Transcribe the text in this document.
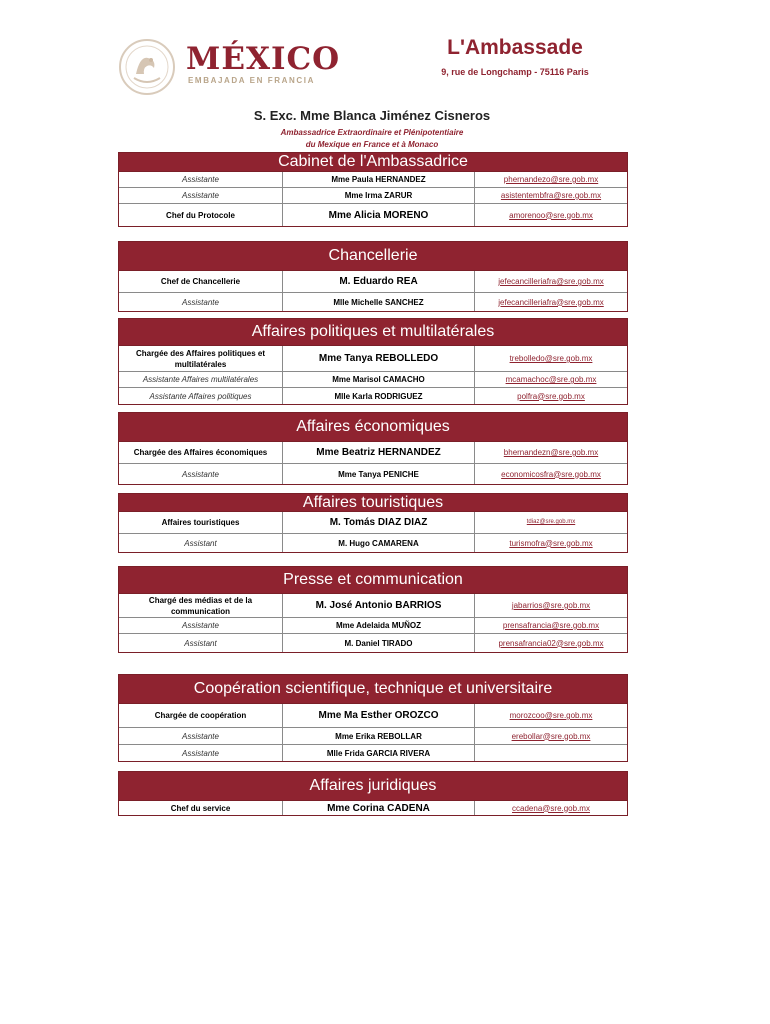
MÉXICO
EMBAJADA EN FRANCIA
L'Ambassade
9, rue de Longchamp - 75116 Paris
S. Exc. Mme Blanca Jiménez Cisneros
Ambassadrice Extraordinaire et Plénipotentiaire
du Mexique en France et à Monaco
Cabinet de l'Ambassadrice
Assistante	Mme Paula HERNANDEZ	phernandezo@sre.gob.mx
Assistante	Mme Irma ZARUR	asistentembfra@sre.gob.mx
Chef du Protocole	Mme Alicia MORENO	amorenoo@sre.gob.mx
Chancellerie
Chef de Chancellerie	M. Eduardo REA	jefecancilleriafra@sre.gob.mx
Assistante	Mlle Michelle SANCHEZ	jefecancilleriafra@sre.gob.mx
Affaires politiques et multilatérales
Chargée des Affaires politiques et multilatérales	Mme Tanya REBOLLEDO	trebolledo@sre.gob.mx
Assistante Affaires multilatérales	Mme Marisol CAMACHO	mcamachoc@sre.gob.mx
Assistante Affaires politiques	Mlle Karla RODRIGUEZ	polfra@sre.gob.mx
Affaires économiques
Chargée des Affaires économiques	Mme Beatriz HERNANDEZ	bhernandezn@sre.gob.mx
Assistante	Mme Tanya PENICHE	economicosfra@sre.gob.mx
Affaires touristiques
Affaires touristiques	M. Tomás DIAZ DIAZ	tdiaz@sre.gob.mx
Assistant	M. Hugo CAMARENA	turismofra@sre.gob.mx
Presse et communication
Chargé des médias et de la communication	M. José Antonio BARRIOS	jabarrios@sre.gob.mx
Assistante	Mme Adelaida MUÑOZ	prensafrancia@sre.gob.mx
Assistant	M. Daniel TIRADO	prensafrancia02@sre.gob.mx
Coopération scientifique, technique et universitaire
Chargée de coopération	Mme Ma Esther OROZCO	morozcoo@sre.gob.mx
Assistante	Mme Erika REBOLLAR	erebollar@sre.gob.mx
Assistante	Mlle Frida GARCIA RIVERA
Affaires juridiques
Chef du service	Mme Corina CADENA	ccadena@sre.gob.mx
